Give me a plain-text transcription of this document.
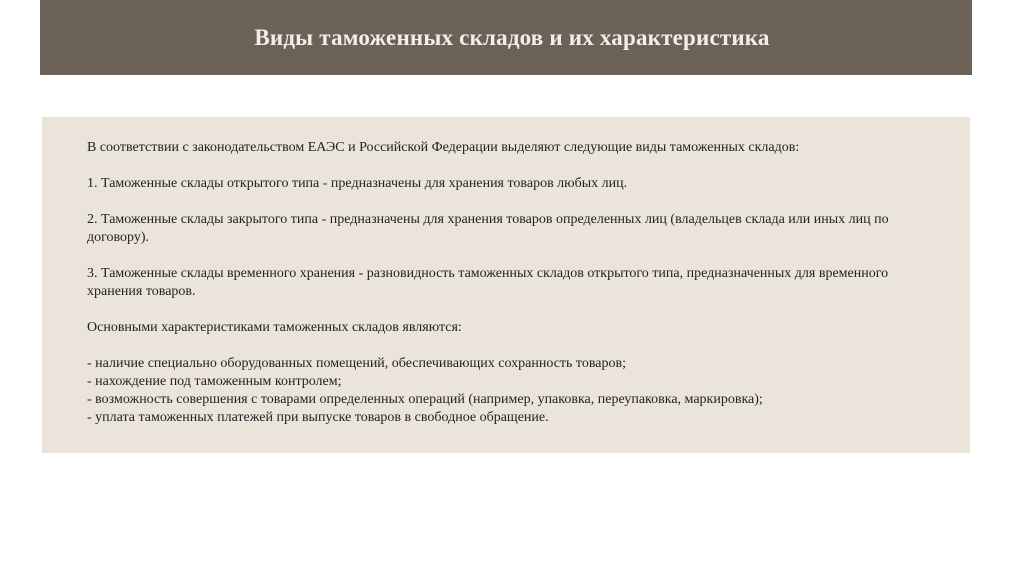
Виды таможенных складов и их характеристика

В соответствии с законодательством ЕАЭС и Российской Федерации выделяют следующие виды таможенных складов:

1. Таможенные склады открытого типа - предназначены для хранения товаров любых лиц.

2. Таможенные склады закрытого типа - предназначены для хранения товаров определенных лиц (владельцев склада или иных лиц по договору).

3. Таможенные склады временного хранения - разновидность таможенных складов открытого типа, предназначенных для временного хранения товаров.

Основными характеристиками таможенных складов являются:

- наличие специально оборудованных помещений, обеспечивающих сохранность товаров;

- нахождение под таможенным контролем;

- возможность совершения с товарами определенных операций (например, упаковка, переупаковка, маркировка);

- уплата таможенных платежей при выпуске товаров в свободное обращение.
